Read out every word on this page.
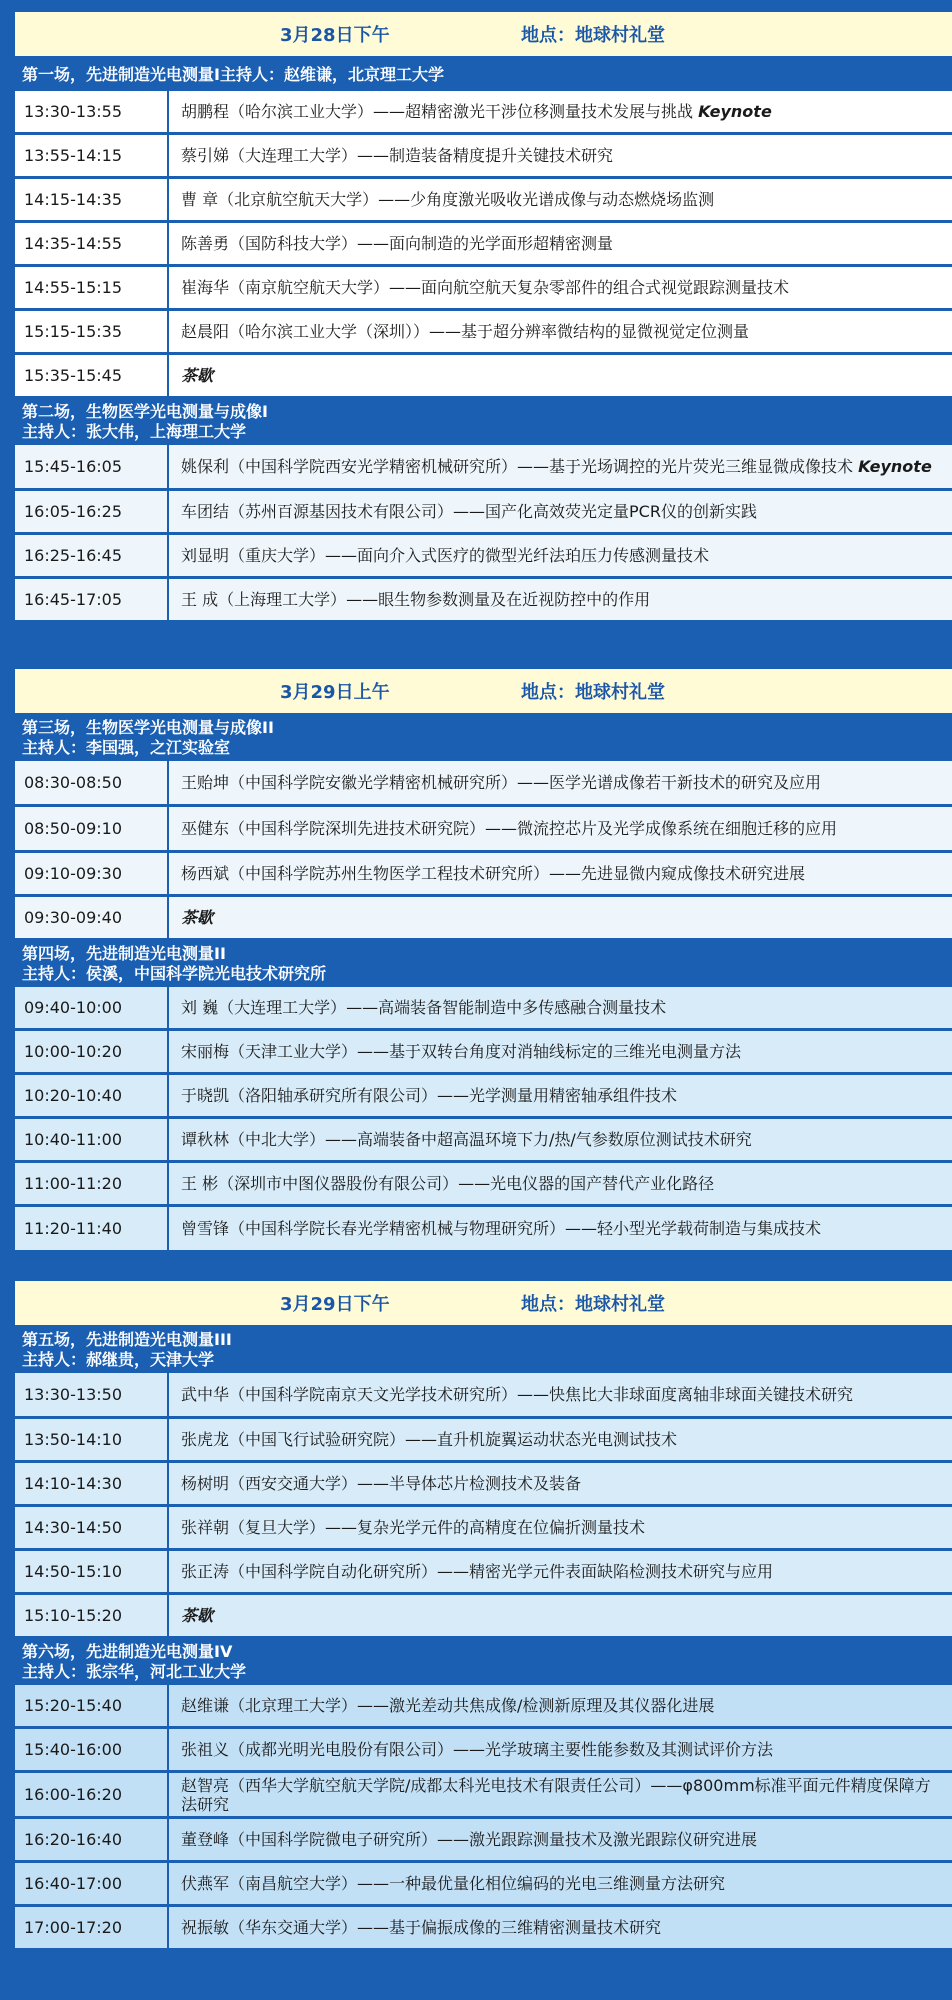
3月28日下午	地点：地球村礼堂
第一场，先进制造光电测量I主持人：赵维谦，北京理工大学
13:30-13:55	胡鹏程（哈尔滨工业大学）——超精密激光干涉位移测量技术发展与挑战 Keynote
13:55-14:15	蔡引娣（大连理工大学）——制造装备精度提升关键技术研究
14:15-14:35	曹 章（北京航空航天大学）——少角度激光吸收光谱成像与动态燃烧场监测
14:35-14:55	陈善勇（国防科技大学）——面向制造的光学面形超精密测量
14:55-15:15	崔海华（南京航空航天大学）——面向航空航天复杂零部件的组合式视觉跟踪测量技术
15:15-15:35	赵晨阳（哈尔滨工业大学（深圳））——基于超分辨率微结构的显微视觉定位测量
15:35-15:45	茶歇
第二场，生物医学光电测量与成像I
主持人：张大伟，上海理工大学
15:45-16:05	姚保利（中国科学院西安光学精密机械研究所）——基于光场调控的光片荧光三维显微成像技术 Keynote
16:05-16:25	车团结（苏州百源基因技术有限公司）——国产化高效荧光定量PCR仪的创新实践
16:25-16:45	刘显明（重庆大学）——面向介入式医疗的微型光纤法珀压力传感测量技术
16:45-17:05	王 成（上海理工大学）——眼生物参数测量及在近视防控中的作用
3月29日上午	地点：地球村礼堂
第三场，生物医学光电测量与成像II
主持人：李国强，之江实验室
08:30-08:50	王贻坤（中国科学院安徽光学精密机械研究所）——医学光谱成像若干新技术的研究及应用
08:50-09:10	巫健东（中国科学院深圳先进技术研究院）——微流控芯片及光学成像系统在细胞迁移的应用
09:10-09:30	杨西斌（中国科学院苏州生物医学工程技术研究所）——先进显微内窥成像技术研究进展
09:30-09:40	茶歇
第四场，先进制造光电测量II
主持人：侯溪，中国科学院光电技术研究所
09:40-10:00	刘 巍（大连理工大学）——高端装备智能制造中多传感融合测量技术
10:00-10:20	宋丽梅（天津工业大学）——基于双转台角度对消轴线标定的三维光电测量方法
10:20-10:40	于晓凯（洛阳轴承研究所有限公司）——光学测量用精密轴承组件技术
10:40-11:00	谭秋林（中北大学）——高端装备中超高温环境下力/热/气参数原位测试技术研究
11:00-11:20	王 彬（深圳市中图仪器股份有限公司）——光电仪器的国产替代产业化路径
11:20-11:40	曾雪锋（中国科学院长春光学精密机械与物理研究所）——轻小型光学载荷制造与集成技术
3月29日下午	地点：地球村礼堂
第五场，先进制造光电测量III
主持人：郝继贵，天津大学
13:30-13:50	武中华（中国科学院南京天文光学技术研究所）——快焦比大非球面度离轴非球面关键技术研究
13:50-14:10	张虎龙（中国飞行试验研究院）——直升机旋翼运动状态光电测试技术
14:10-14:30	杨树明（西安交通大学）——半导体芯片检测技术及装备
14:30-14:50	张祥朝（复旦大学）——复杂光学元件的高精度在位偏折测量技术
14:50-15:10	张正涛（中国科学院自动化研究所）——精密光学元件表面缺陷检测技术研究与应用
15:10-15:20	茶歇
第六场，先进制造光电测量IV
主持人：张宗华，河北工业大学
15:20-15:40	赵维谦（北京理工大学）——激光差动共焦成像/检测新原理及其仪器化进展
15:40-16:00	张祖义（成都光明光电股份有限公司）——光学玻璃主要性能参数及其测试评价方法
16:00-16:20	赵智亮（西华大学航空航天学院/成都太科光电技术有限责任公司）——φ800mm标准平面元件精度保障方法研究
16:20-16:40	董登峰（中国科学院微电子研究所）——激光跟踪测量技术及激光跟踪仪研究进展
16:40-17:00	伏燕军（南昌航空大学）——一种最优量化相位编码的光电三维测量方法研究
17:00-17:20	祝振敏（华东交通大学）——基于偏振成像的三维精密测量技术研究
